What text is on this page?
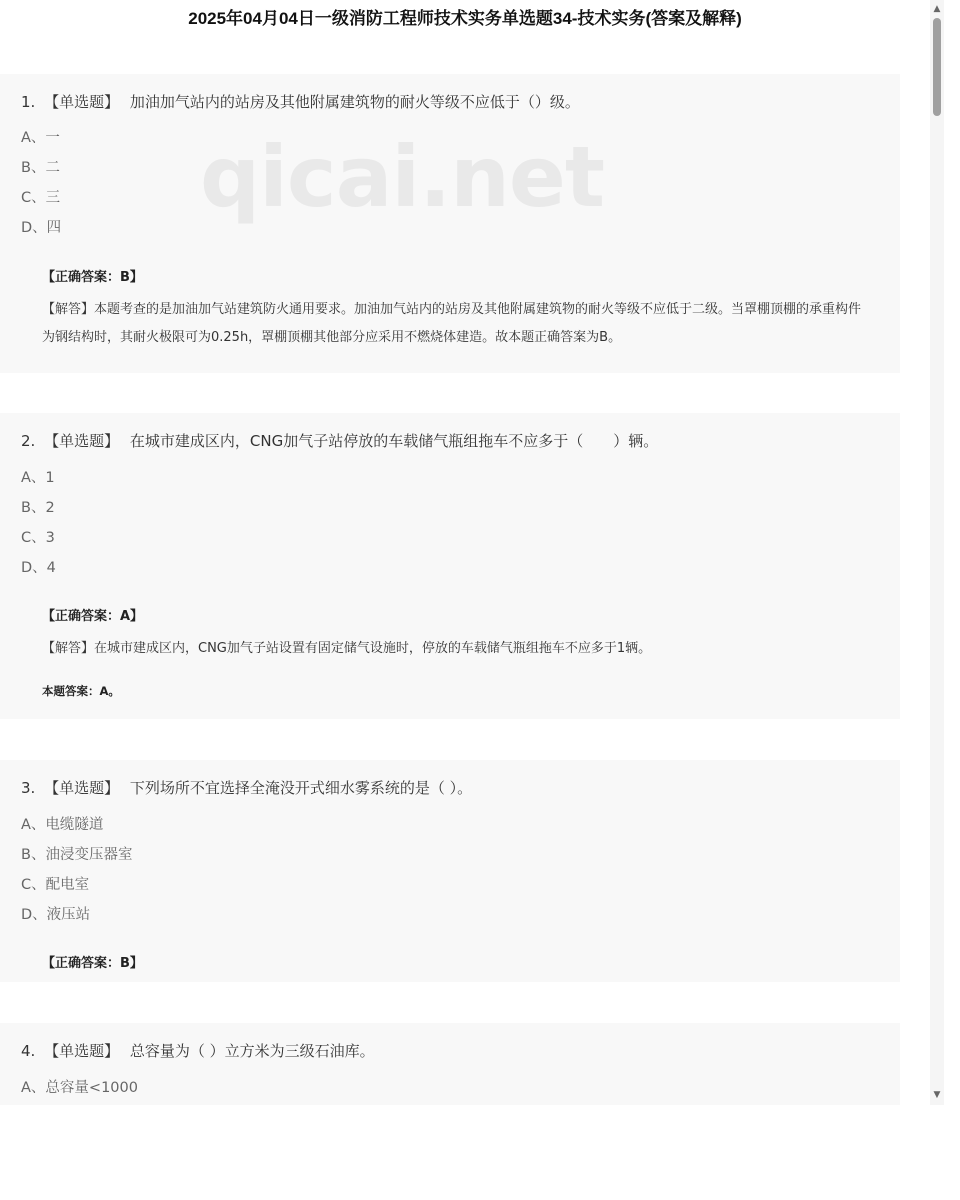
2025年04月04日一级消防工程师技术实务单选题34-技术实务(答案及解释)
1. 【单选题】 加油加气站内的站房及其他附属建筑物的耐火等级不应低于（）级。
A、一
B、二
C、三
D、四
【正确答案：B】
【解答】本题考查的是加油加气站建筑防火通用要求。加油加气站内的站房及其他附属建筑物的耐火等级不应低于二级。当罩棚顶棚的承重构件为钢结构时，其耐火极限可为0.25h，罩棚顶棚其他部分应采用不燃烧体建造。故本题正确答案为B。
qicai.net
2. 【单选题】 在城市建成区内，CNG加气子站停放的车载储气瓶组拖车不应多于（　　）辆。
A、1
B、2
C、3
D、4
【正确答案：A】
【解答】在城市建成区内，CNG加气子站设置有固定储气设施时，停放的车载储气瓶组拖车不应多于1辆。
本题答案：A。
3. 【单选题】 下列场所不宜选择全淹没开式细水雾系统的是（ ）。
A、电缆隧道
B、油浸变压器室
C、配电室
D、液压站
【正确答案：B】
4. 【单选题】 总容量为（ ）立方米为三级石油库。
A、总容量<1000
▲
▼
